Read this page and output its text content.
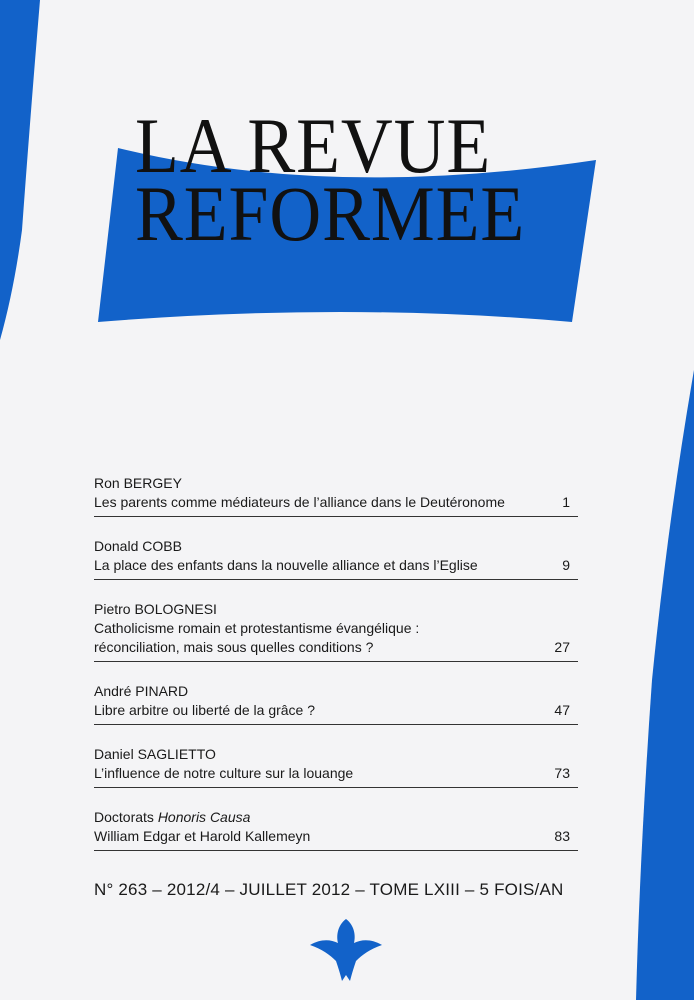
LA REVUE
REFORMEE
Ron BERGEY
Les parents comme médiateurs de l’alliance dans le Deutéronome	1
Donald COBB
La place des enfants dans la nouvelle alliance et dans l’Eglise	9
Pietro BOLOGNESI
Catholicisme romain et protestantisme évangélique :
réconciliation, mais sous quelles conditions ?	27
André PINARD
Libre arbitre ou liberté de la grâce ?	47
Daniel SAGLIETTO
L’influence de notre culture sur la louange	73
Doctorats Honoris Causa
William Edgar et Harold Kallemeyn	83
N° 263 – 2012/4 – JUILLET 2012 – TOME LXIII – 5 FOIS/AN
